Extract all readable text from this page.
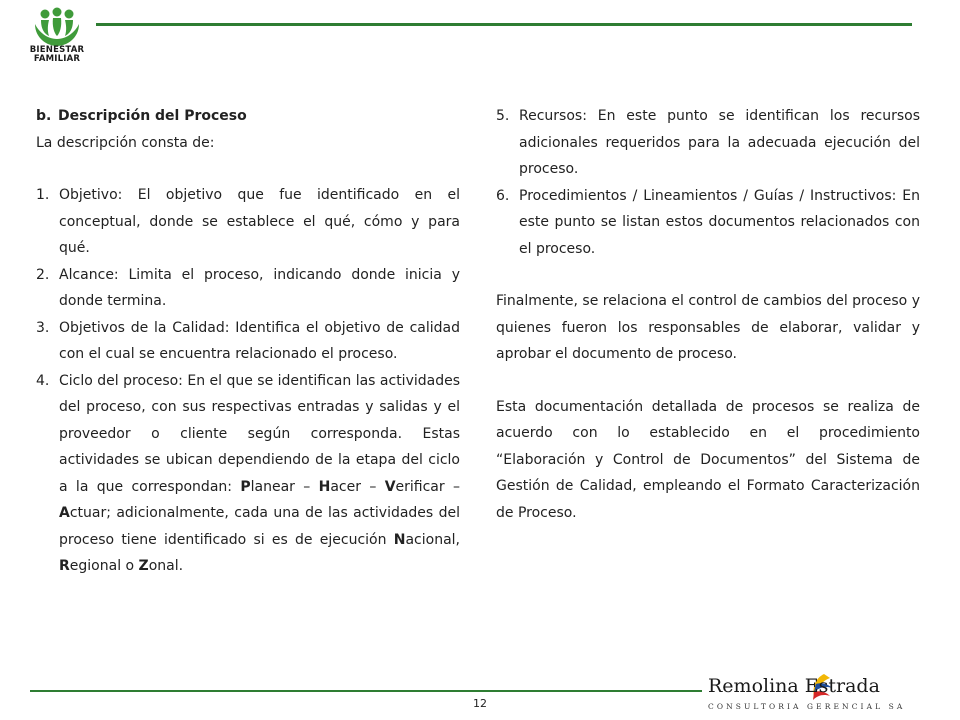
BIENESTAR
FAMILIAR
b. Descripción del Proceso

La descripción consta de:

1. Objetivo: El objetivo que fue identificado en el conceptual, donde se establece el qué, cómo y para qué.
2. Alcance: Limita el proceso, indicando donde inicia y donde termina.
3. Objetivos de la Calidad: Identifica el objetivo de calidad con el cual se encuentra relacionado el proceso.
4. Ciclo del proceso: En el que se identifican las actividades del proceso, con sus respectivas entradas y salidas y el proveedor o cliente según corresponda. Estas actividades se ubican dependiendo de la etapa del ciclo a la que correspondan: Planear – Hacer – Verificar – Actuar; adicionalmente, cada una de las actividades del proceso tiene identificado si es de ejecución Nacional, Regional o Zonal.
5. Recursos: En este punto se identifican los recursos adicionales requeridos para la adecuada ejecución del proceso.
6. Procedimientos / Lineamientos / Guías / Instructivos: En este punto se listan estos documentos relacionados con el proceso.

Finalmente, se relaciona el control de cambios del proceso y quienes fueron los responsables de elaborar, validar y aprobar el documento de proceso.

Esta documentación detallada de procesos se realiza de acuerdo con lo establecido en el procedimiento “Elaboración y Control de Documentos” del Sistema de Gestión de Calidad, empleando el Formato Caracterización de Proceso.

12
Remolina Estrada
CONSULTORIA GERENCIAL SA
